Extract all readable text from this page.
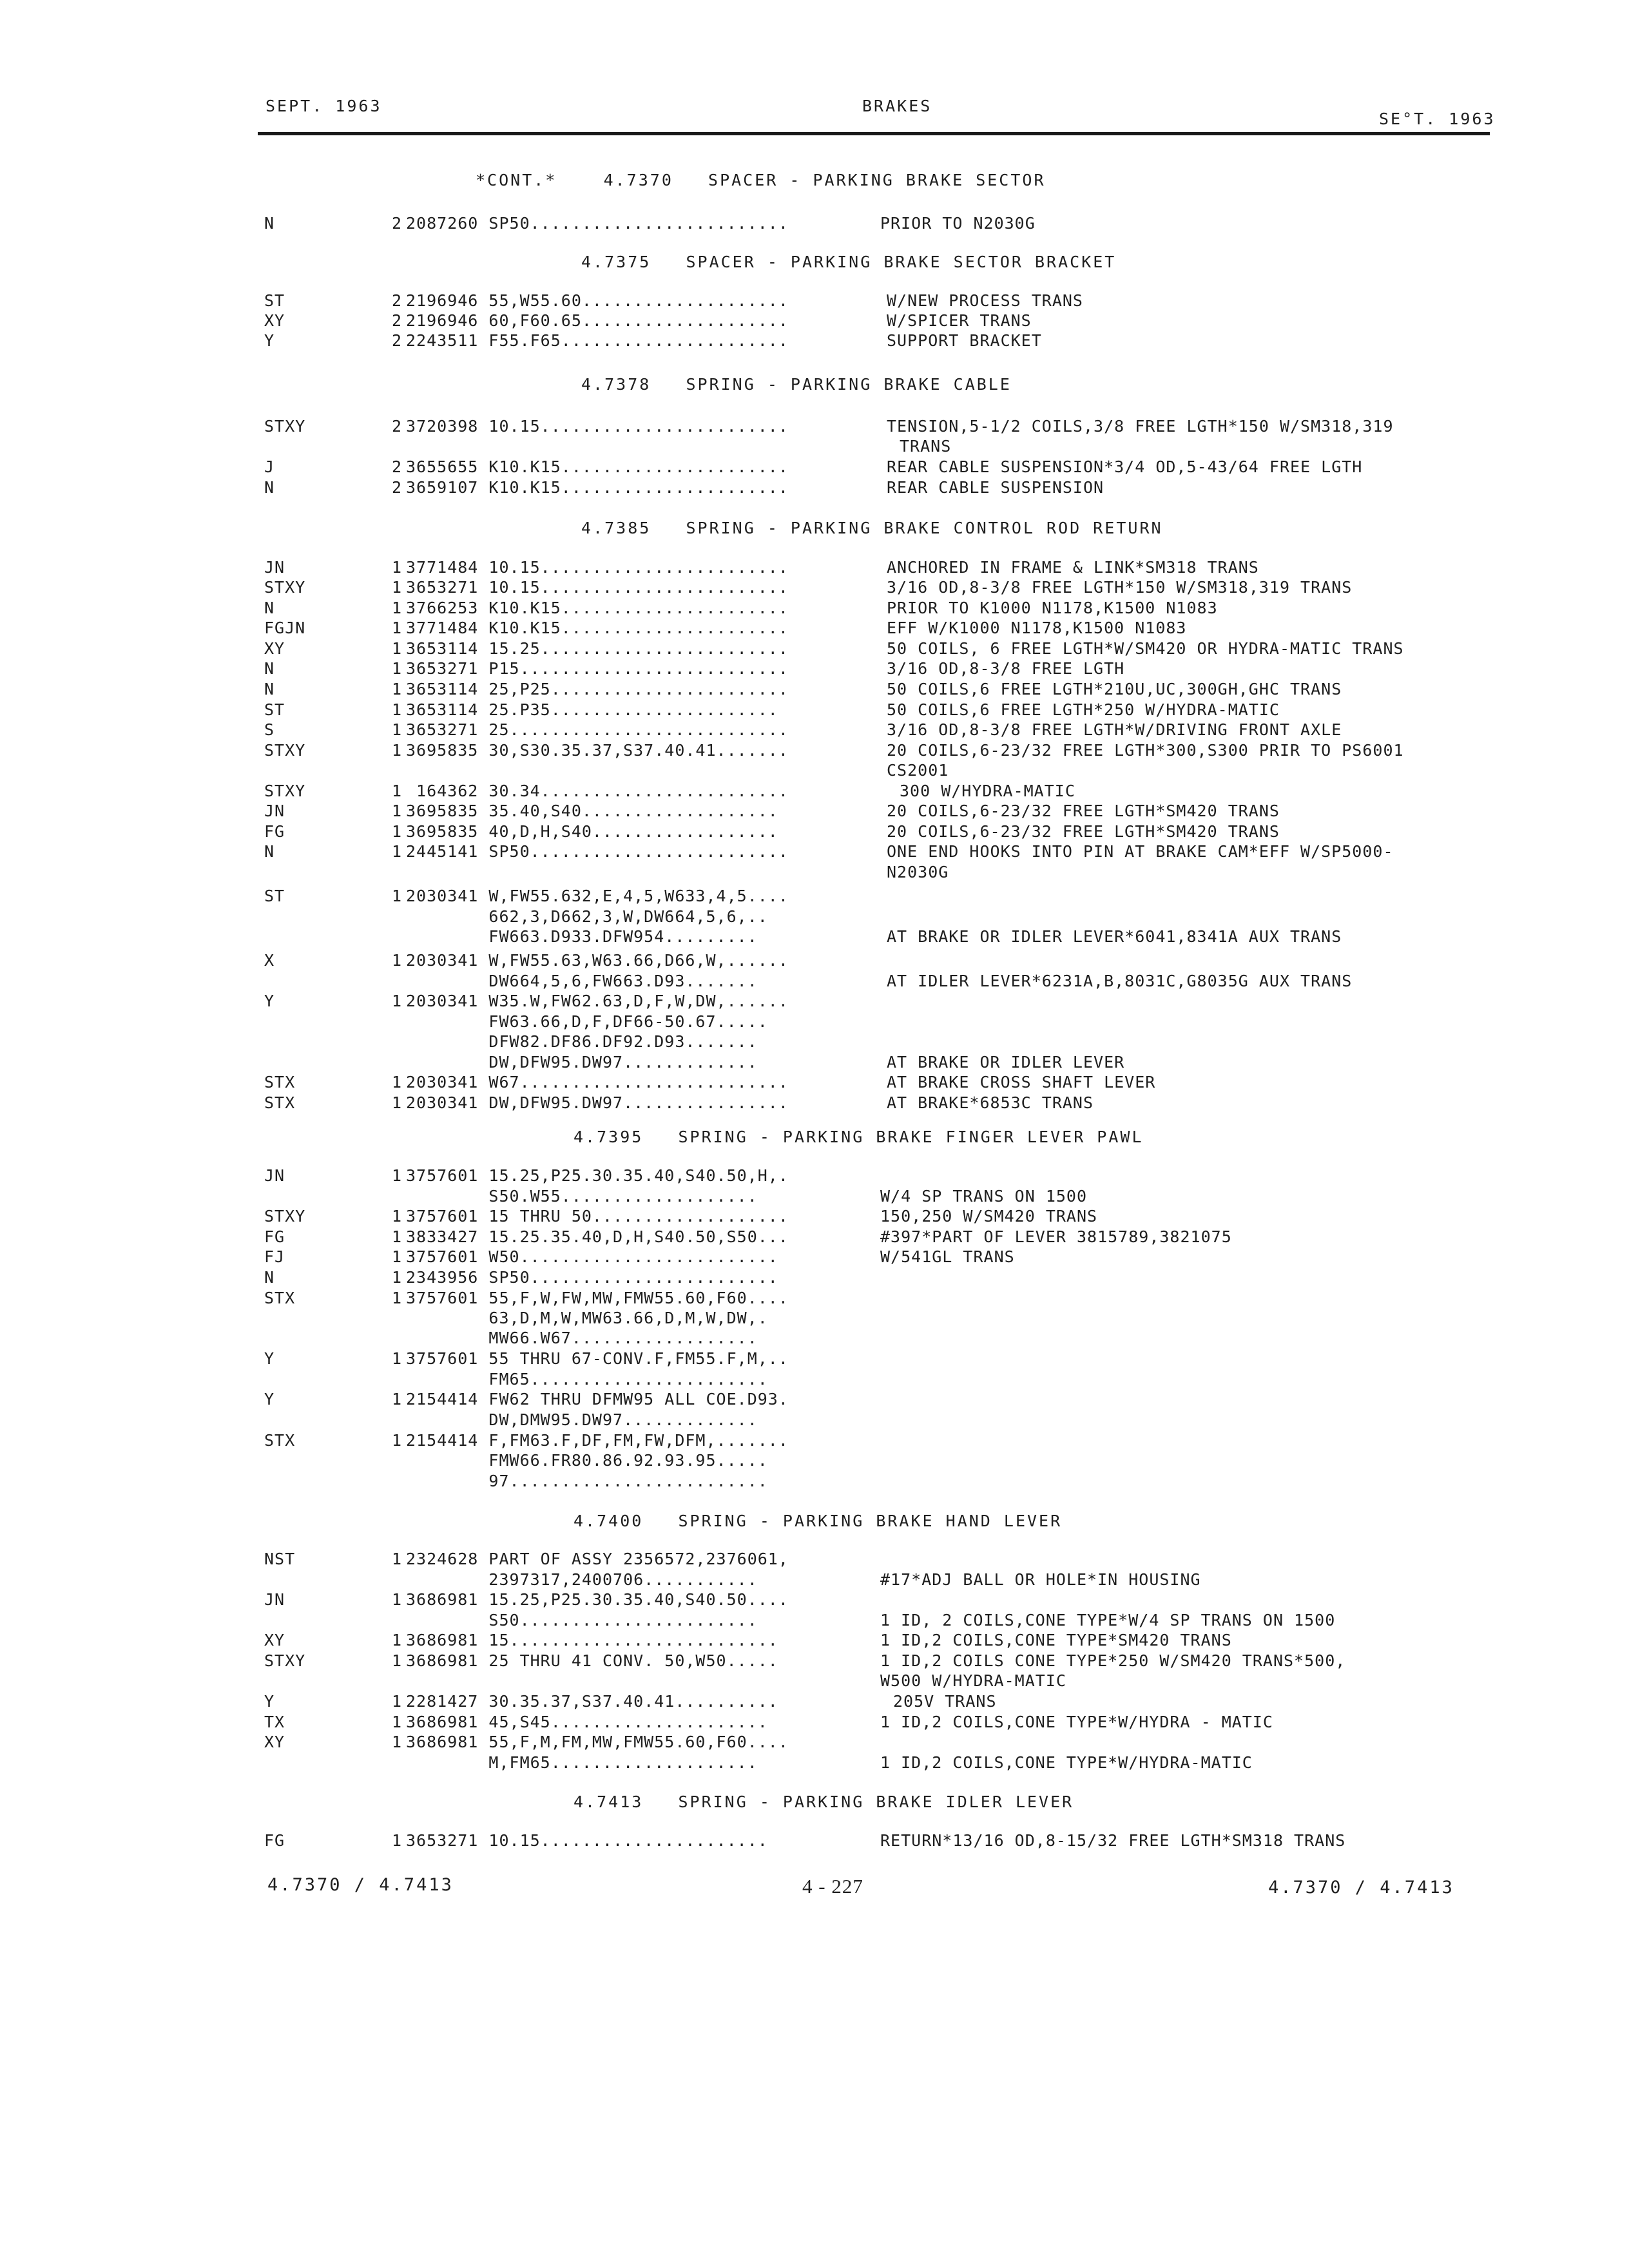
SEPT. 1963	BRAKES
SE°T. 1963
*CONT.*    4.7370   SPACER - PARKING BRAKE SECTOR
4.7375   SPACER - PARKING BRAKE SECTOR BRACKET
4.7378   SPRING - PARKING BRAKE CABLE
4.7385   SPRING - PARKING BRAKE CONTROL ROD RETURN
4.7395   SPRING - PARKING BRAKE FINGER LEVER PAWL
4.7400   SPRING - PARKING BRAKE HAND LEVER
4.7413   SPRING - PARKING BRAKE IDLER LEVER
N	2 2087260 SP50.........................	PRIOR TO N2030G
ST	2 2196946 55,W55.60....................	W/NEW PROCESS TRANS
XY	2 2196946 60,F60.65....................	W/SPICER TRANS
Y	2 2243511 F55.F65......................	SUPPORT BRACKET
STXY	2 3720398 10.15........................	TENSION,5-1/2 COILS,3/8 FREE LGTH*150 W/SM318,319
TRANS
J	2 3655655 K10.K15......................	REAR CABLE SUSPENSION*3/4 OD,5-43/64 FREE LGTH
N	2 3659107 K10.K15......................	REAR CABLE SUSPENSION
JN	1 3771484 10.15........................	ANCHORED IN FRAME & LINK*SM318 TRANS
STXY	1 3653271 10.15........................	3/16 OD,8-3/8 FREE LGTH*150 W/SM318,319 TRANS
N	1 3766253 K10.K15......................	PRIOR TO K1000 N1178,K1500 N1083
FGJN	1 3771484 K10.K15......................	EFF W/K1000 N1178,K1500 N1083
XY	1 3653114 15.25........................	50 COILS, 6 FREE LGTH*W/SM420 OR HYDRA-MATIC TRANS
N	1 3653271 P15..........................	3/16 OD,8-3/8 FREE LGTH
N	1 3653114 25,P25.......................	50 COILS,6 FREE LGTH*210U,UC,300GH,GHC TRANS
ST	1 3653114 25.P35......................	50 COILS,6 FREE LGTH*250 W/HYDRA-MATIC
S	1 3653271 25...........................	3/16 OD,8-3/8 FREE LGTH*W/DRIVING FRONT AXLE
STXY	1 3695835 30,S30.35.37,S37.40.41.......	20 COILS,6-23/32 FREE LGTH*300,S300 PRIR TO PS6001
CS2001
STXY	1 164362 30.34........................	300 W/HYDRA-MATIC
JN	1 3695835 35.40,S40...................	20 COILS,6-23/32 FREE LGTH*SM420 TRANS
FG	1 3695835 40,D,H,S40..................	20 COILS,6-23/32 FREE LGTH*SM420 TRANS
N	1 2445141 SP50.........................	ONE END HOOKS INTO PIN AT BRAKE CAM*EFF W/SP5000-
N2030G
ST	1 2030341 W,FW55.632,E,4,5,W633,4,5....
662,3,D662,3,W,DW664,5,6,..
FW663.D933.DFW954.........	AT BRAKE OR IDLER LEVER*6041,8341A AUX TRANS
X	1 2030341 W,FW55.63,W63.66,D66,W,......
DW664,5,6,FW663.D93.......	AT IDLER LEVER*6231A,B,8031C,G8035G AUX TRANS
Y	1 2030341 W35.W,FW62.63,D,F,W,DW,......
FW63.66,D,F,DF66-50.67.....
DFW82.DF86.DF92.D93.......
DW,DFW95.DW97.............	AT BRAKE OR IDLER LEVER
STX	1 2030341 W67..........................	AT BRAKE CROSS SHAFT LEVER
STX	1 2030341 DW,DFW95.DW97................	AT BRAKE*6853C TRANS
JN	1 3757601 15.25,P25.30.35.40,S40.50,H,.
S50.W55...................	W/4 SP TRANS ON 1500
STXY	1 3757601 15 THRU 50...................	150,250 W/SM420 TRANS
FG	1 3833427 15.25.35.40,D,H,S40.50,S50...	#397*PART OF LEVER 3815789,3821075
FJ	1 3757601 W50.........................	W/541GL TRANS
N	1 2343956 SP50........................
STX	1 3757601 55,F,W,FW,MW,FMW55.60,F60....
63,D,M,W,MW63.66,D,M,W,DW,.
MW66.W67..................
Y	1 3757601 55 THRU 67-CONV.F,FM55.F,M,..
FM65.......................
Y	1 2154414 FW62 THRU DFMW95 ALL COE.D93.
DW,DMW95.DW97.............
STX	1 2154414 F,FM63.F,DF,FM,FW,DFM,.......
FMW66.FR80.86.92.93.95.....
97.........................
NST	1 2324628 PART OF ASSY 2356572,2376061,
2397317,2400706...........	#17*ADJ BALL OR HOLE*IN HOUSING
JN	1 3686981 15.25,P25.30.35.40,S40.50....
S50.......................	1 ID, 2 COILS,CONE TYPE*W/4 SP TRANS ON 1500
XY	1 3686981 15..........................	1 ID,2 COILS,CONE TYPE*SM420 TRANS
STXY	1 3686981 25 THRU 41 CONV. 50,W50.....	1 ID,2 COILS CONE TYPE*250 W/SM420 TRANS*500,
W500 W/HYDRA-MATIC
Y	1 2281427 30.35.37,S37.40.41..........	205V TRANS
TX	1 3686981 45,S45.....................	1 ID,2 COILS,CONE TYPE*W/HYDRA - MATIC
XY	1 3686981 55,F,M,FM,MW,FMW55.60,F60....
M,FM65....................	1 ID,2 COILS,CONE TYPE*W/HYDRA-MATIC
FG	1 3653271 10.15......................	RETURN*13/16 OD,8-15/32 FREE LGTH*SM318 TRANS
4.7370 / 4.7413	4 - 227	4.7370 / 4.7413
